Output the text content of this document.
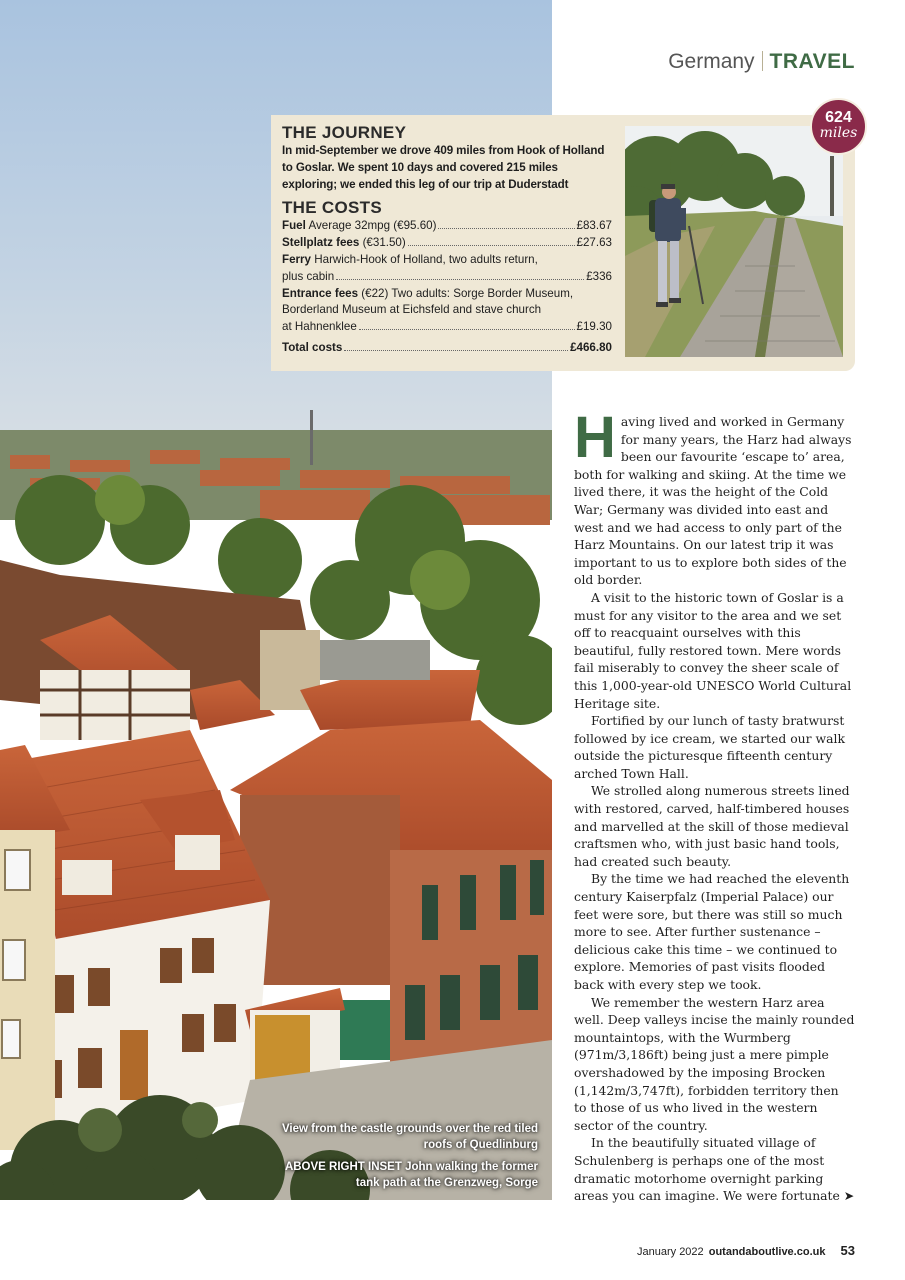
View from the castle grounds over the red tiled roofs of Quedlinburg
ABOVE RIGHT INSET John walking the former tank path at the Grenzweg, Sorge
Germany TRAVEL
THE JOURNEY
In mid-September we drove 409 miles from Hook of Holland to Goslar. We spent 10 days and covered 215 miles exploring; we ended this leg of our trip at Duderstadt
THE COSTS
Fuel Average 32mpg (€95.60)	£83.67
Stellplatz fees (€31.50)	£27.63
Ferry Harwich-Hook of Holland, two adults return,
plus cabin	£336
Entrance fees (€22) Two adults: Sorge Border Museum,
Borderland Museum at Eichsfeld and stave church
at Hahnenklee	£19.30
Total costs	£466.80
624
miles

Having lived and worked in Germany for many years, the Harz had always been our favourite ‘escape to’ area, both for walking and skiing. At the time we lived there, it was the height of the Cold War; Germany was divided into east and west and we had access to only part of the Harz Mountains. On our latest trip it was important to us to explore both sides of the old border.

A visit to the historic town of Goslar is a must for any visitor to the area and we set off to reacquaint ourselves with this beautiful, fully restored town. Mere words fail miserably to convey the sheer scale of this 1,000-year-old UNESCO World Cultural Heritage site.

Fortified by our lunch of tasty bratwurst followed by ice cream, we started our walk outside the picturesque fifteenth century arched Town Hall.

We strolled along numerous streets lined with restored, carved, half-timbered houses and marvelled at the skill of those medieval craftsmen who, with just basic hand tools, had created such beauty.

By the time we had reached the eleventh century Kaiserpfalz (Imperial Palace) our feet were sore, but there was still so much more to see. After further sustenance – delicious cake this time – we continued to explore. Memories of past visits flooded back with every step we took.

We remember the western Harz area well. Deep valleys incise the mainly rounded mountaintops, with the Wurmberg (971m/3,186ft) being just a mere pimple overshadowed by the imposing Brocken (1,142m/3,747ft), forbidden territory then to those of us who lived in the western sector of the country.

In the beautifully situated village of Schulenberg is perhaps one of the most dramatic motorhome overnight parking areas you can imagine. We were fortunate ➤

January 2022 outandaboutlive.co.uk 53
